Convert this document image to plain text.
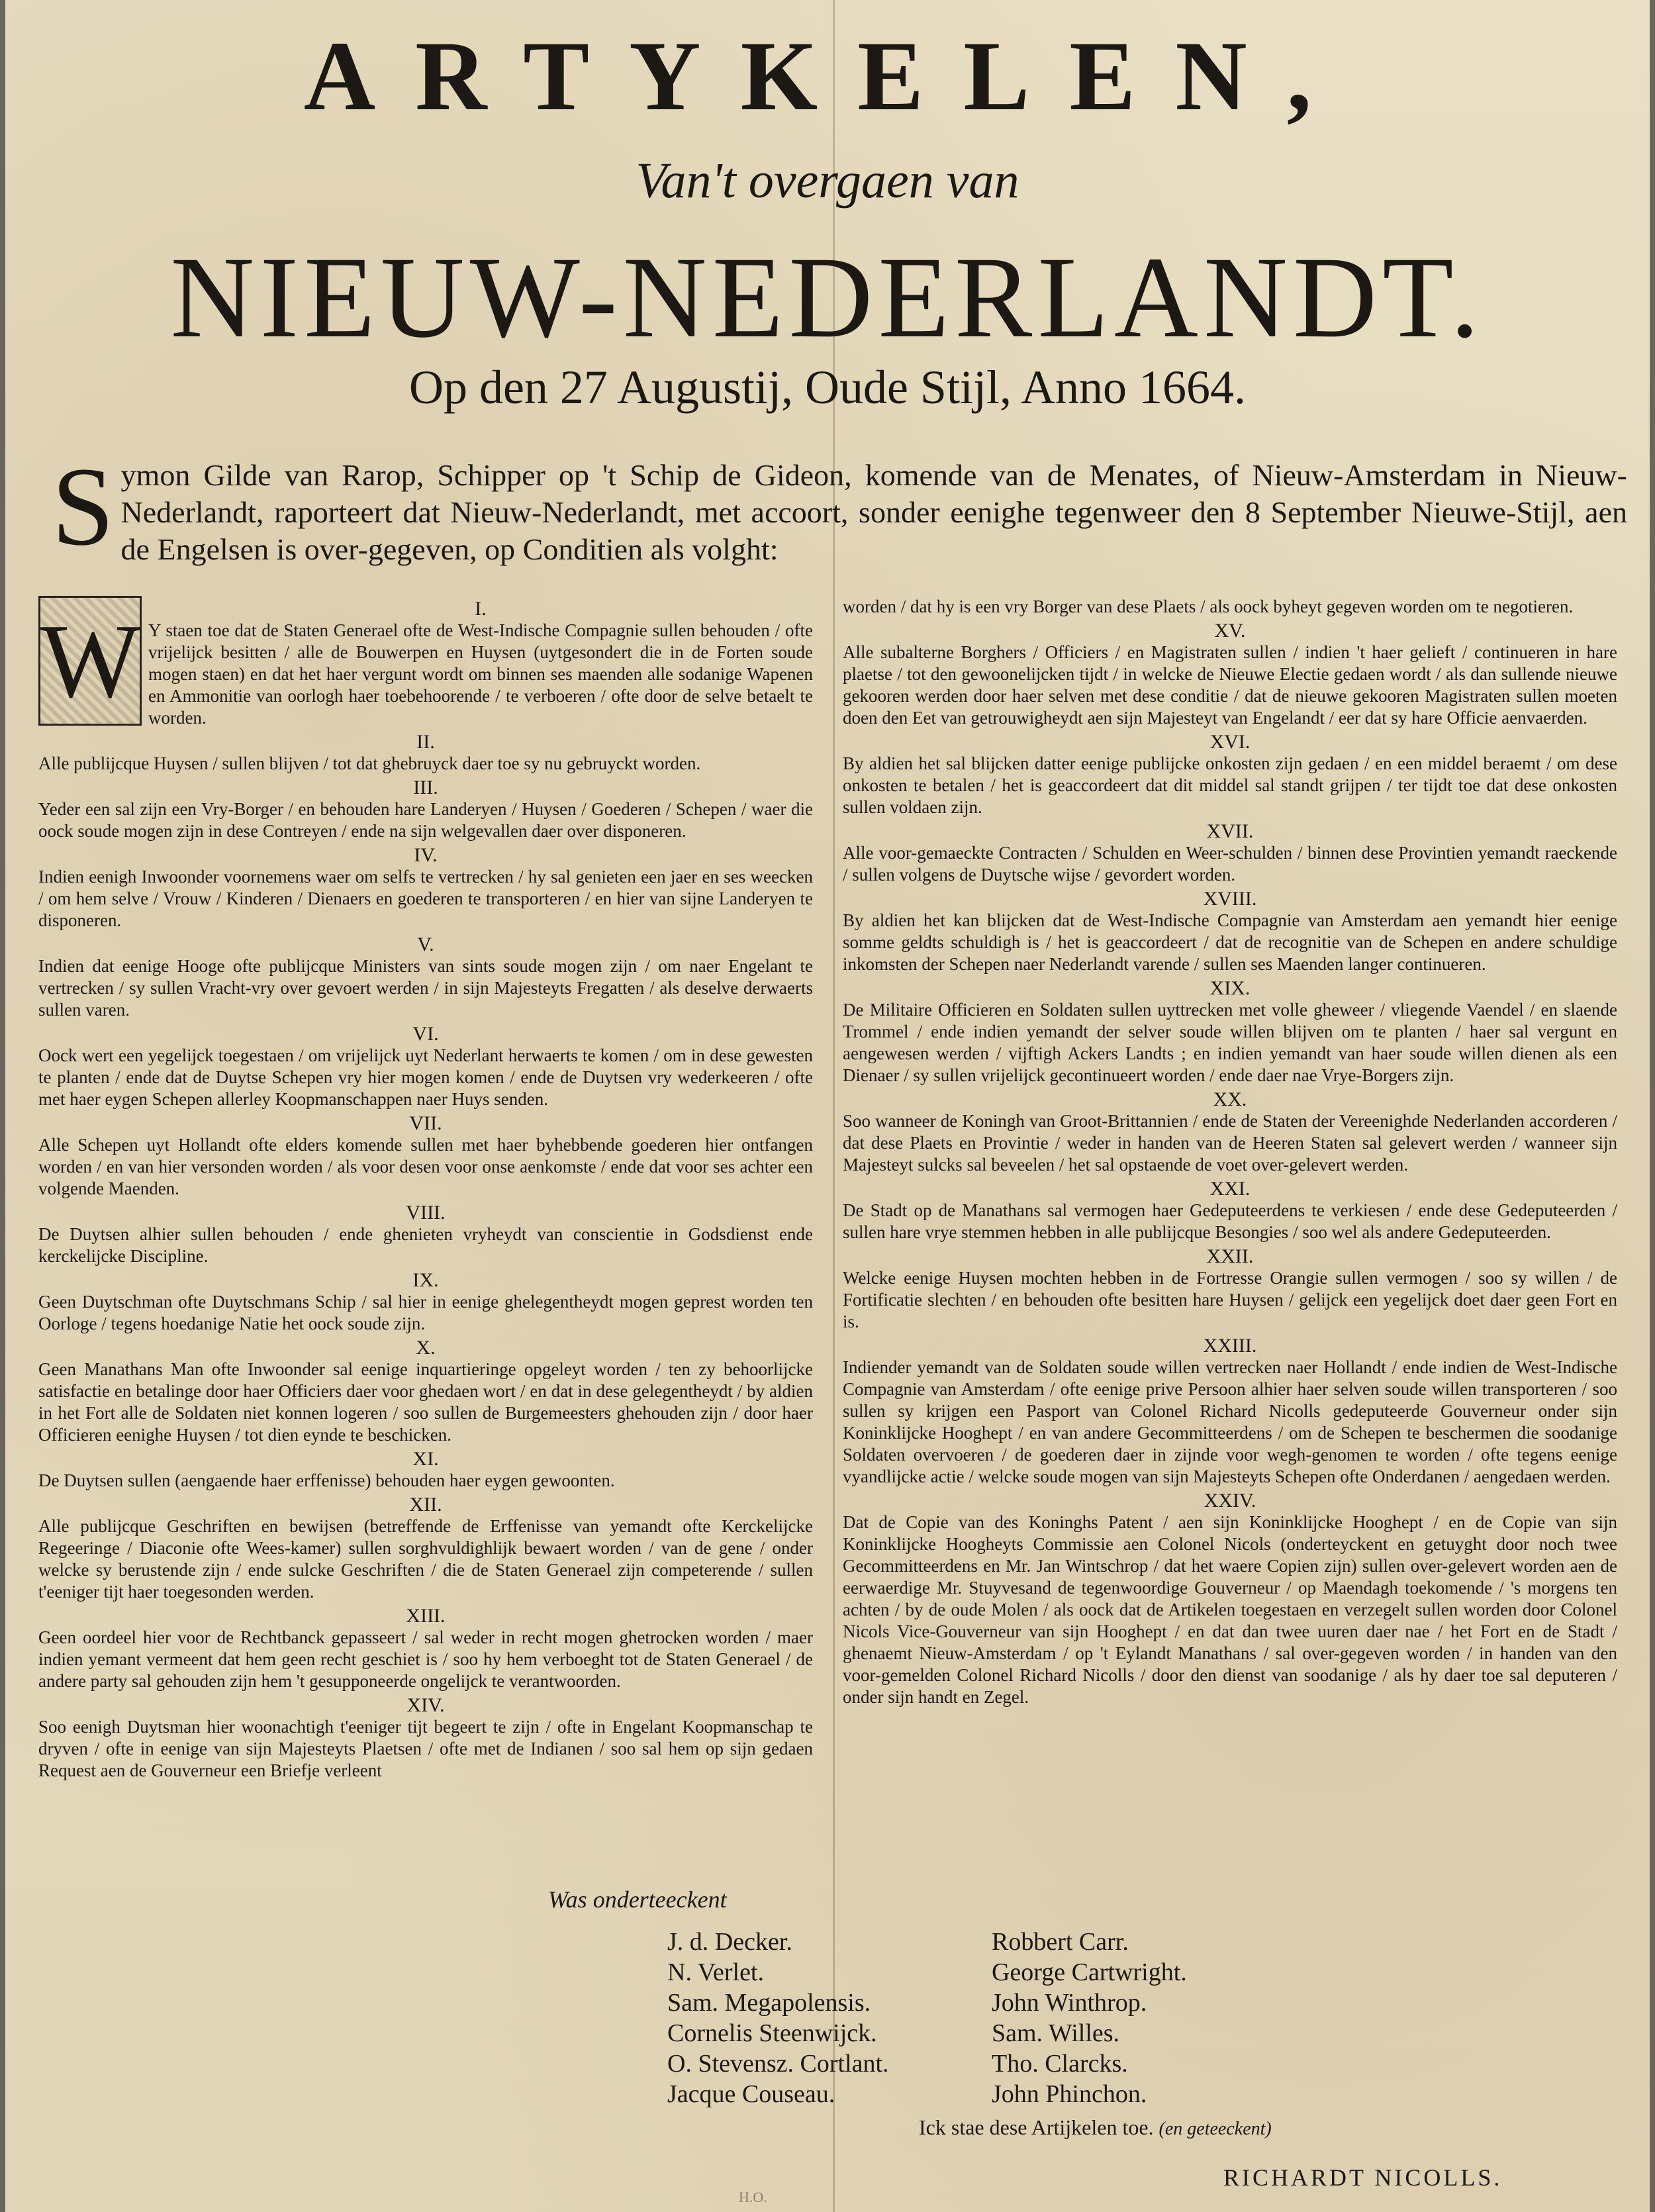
ARTYKELEN,
Van't overgaen van
NIEUW-NEDERLANDT.
Op den 27 Augustij, Oude Stijl, Anno 1664.
Symon Gilde van Rarop, Schipper op 't Schip de Gideon, komende van de Menates, of Nieuw-Amsterdam in Nieuw-Nederlandt, raporteert dat Nieuw-Nederlandt, met accoort, sonder eenighe tegenweer den 8 September Nieuwe-Stijl, aen de Engelsen is over-gegeven, op Conditien als volght:
W	I.

Y staen toe dat de Staten Generael ofte de West-Indische Compagnie sullen behouden / ofte vrijelijck besitten / alle de Bouwerpen en Huysen (uytgesondert die in de Forten soude mogen staen) en dat het haer vergunt wordt om binnen ses maenden alle sodanige Wapenen en Ammonitie van oorlogh haer toebehoorende / te verboeren / ofte door de selve betaelt te worden.

II.

Alle publijcque Huysen / sullen blijven / tot dat ghebruyck daer toe sy nu gebruyckt worden.

III.

Yeder een sal zijn een Vry-Borger / en behouden hare Landeryen / Huysen / Goederen / Schepen / waer die oock soude mogen zijn in dese Contreyen / ende na sijn welgevallen daer over disponeren.

IV.

Indien eenigh Inwoonder voornemens waer om selfs te vertrecken / hy sal genieten een jaer en ses weecken / om hem selve / Vrouw / Kinderen / Dienaers en goederen te transporteren / en hier van sijne Landeryen te disponeren.

V.

Indien dat eenige Hooge ofte publijcque Ministers van sints soude mogen zijn / om naer Engelant te vertrecken / sy sullen Vracht-vry over gevoert werden / in sijn Majesteyts Fregatten / als deselve derwaerts sullen varen.

VI.

Oock wert een yegelijck toegestaen / om vrijelijck uyt Nederlant herwaerts te komen / om in dese gewesten te planten / ende dat de Duytse Schepen vry hier mogen komen / ende de Duytsen vry wederkeeren / ofte met haer eygen Schepen allerley Koopmanschappen naer Huys senden.

VII.

Alle Schepen uyt Hollandt ofte elders komende sullen met haer byhebbende goederen hier ontfangen worden / en van hier versonden worden / als voor desen voor onse aenkomste / ende dat voor ses achter een volgende Maenden.

VIII.

De Duytsen alhier sullen behouden / ende ghenieten vryheydt van conscientie in Godsdienst ende kerckelijcke Discipline.

IX.

Geen Duytschman ofte Duytschmans Schip / sal hier in eenige ghelegentheydt mogen geprest worden ten Oorloge / tegens hoedanige Natie het oock soude zijn.

X.

Geen Manathans Man ofte Inwoonder sal eenige inquartieringe opgeleyt worden / ten zy behoorlijcke satisfactie en betalinge door haer Officiers daer voor ghedaen wort / en dat in dese gelegentheydt / by aldien in het Fort alle de Soldaten niet konnen logeren / soo sullen de Burgemeesters ghehouden zijn / door haer Officieren eenighe Huysen / tot dien eynde te beschicken.

XI.

De Duytsen sullen (aengaende haer erffenisse) behouden haer eygen gewoonten.

XII.

Alle publijcque Geschriften en bewijsen (betreffende de Erffenisse van yemandt ofte Kerckelijcke Regeeringe / Diaconie ofte Wees-kamer) sullen sorghvuldighlijk bewaert worden / van de gene / onder welcke sy berustende zijn / ende sulcke Geschriften / die de Staten Generael zijn competerende / sullen t'eeniger tijt haer toegesonden werden.

XIII.

Geen oordeel hier voor de Rechtbanck gepasseert / sal weder in recht mogen ghetrocken worden / maer indien yemant vermeent dat hem geen recht geschiet is / soo hy hem verboeght tot de Staten Generael / de andere party sal gehouden zijn hem 't gesupponeerde ongelijck te verantwoorden.

XIV.

Soo eenigh Duytsman hier woonachtigh t'eeniger tijt begeert te zijn / ofte in Engelant Koopmanschap te dryven / ofte in eenige van sijn Majesteyts Plaetsen / ofte met de Indianen / soo sal hem op sijn gedaen Request aen de Gouverneur een Briefje verleent

worden / dat hy is een vry Borger van dese Plaets / als oock byheyt gegeven worden om te negotieren.

XV.

Alle subalterne Borghers / Officiers / en Magistraten sullen / indien 't haer gelieft / continueren in hare plaetse / tot den gewoonelijcken tijdt / in welcke de Nieuwe Electie gedaen wordt / als dan sullende nieuwe gekooren werden door haer selven met dese conditie / dat de nieuwe gekooren Magistraten sullen moeten doen den Eet van getrouwigheydt aen sijn Majesteyt van Engelandt / eer dat sy hare Officie aenvaerden.

XVI.

By aldien het sal blijcken datter eenige publijcke onkosten zijn gedaen / en een middel beraemt / om dese onkosten te betalen / het is geaccordeert dat dit middel sal standt grijpen / ter tijdt toe dat dese onkosten sullen voldaen zijn.

XVII.

Alle voor-gemaeckte Contracten / Schulden en Weer-schulden / binnen dese Provintien yemandt raeckende / sullen volgens de Duytsche wijse / gevordert worden.

XVIII.

By aldien het kan blijcken dat de West-Indische Compagnie van Amsterdam aen yemandt hier eenige somme geldts schuldigh is / het is geaccordeert / dat de recognitie van de Schepen en andere schuldige inkomsten der Schepen naer Nederlandt varende / sullen ses Maenden langer continueren.

XIX.

De Militaire Officieren en Soldaten sullen uyttrecken met volle gheweer / vliegende Vaendel / en slaende Trommel / ende indien yemandt der selver soude willen blijven om te planten / haer sal vergunt en aengewesen werden / vijftigh Ackers Landts ; en indien yemandt van haer soude willen dienen als een Dienaer / sy sullen vrijelijck gecontinueert worden / ende daer nae Vrye-Borgers zijn.

XX.

Soo wanneer de Koningh van Groot-Brittannien / ende de Staten der Vereenighde Nederlanden accorderen / dat dese Plaets en Provintie / weder in handen van de Heeren Staten sal gelevert werden / wanneer sijn Majesteyt sulcks sal beveelen / het sal opstaende de voet over-gelevert werden.

XXI.

De Stadt op de Manathans sal vermogen haer Gedeputeerdens te verkiesen / ende dese Gedeputeerden / sullen hare vrye stemmen hebben in alle publijcque Besongies / soo wel als andere Gedeputeerden.

XXII.

Welcke eenige Huysen mochten hebben in de Fortresse Orangie sullen vermogen / soo sy willen / de Fortificatie slechten / en behouden ofte besitten hare Huysen / gelijck een yegelijck doet daer geen Fort en is.

XXIII.

Indiender yemandt van de Soldaten soude willen vertrecken naer Hollandt / ende indien de West-Indische Compagnie van Amsterdam / ofte eenige prive Persoon alhier haer selven soude willen transporteren / soo sullen sy krijgen een Pasport van Colonel Richard Nicolls gedeputeerde Gouverneur onder sijn Koninklijcke Hooghept / en van andere Gecommitteerdens / om de Schepen te beschermen die soodanige Soldaten overvoeren / de goederen daer in zijnde voor wegh-genomen te worden / ofte tegens eenige vyandlijcke actie / welcke soude mogen van sijn Majesteyts Schepen ofte Onderdanen / aengedaen werden.

XXIV.

Dat de Copie van des Koninghs Patent / aen sijn Koninklijcke Hooghept / en de Copie van sijn Koninklijcke Hoogheyts Commissie aen Colonel Nicols (onderteyckent en getuyght door noch twee Gecommitteerdens en Mr. Jan Wintschrop / dat het waere Copien zijn) sullen over-gelevert worden aen de eerwaerdige Mr. Stuyvesand de tegenwoordige Gouverneur / op Maendagh toekomende / 's morgens ten achten / by de oude Molen / als oock dat de Artikelen toegestaen en verzegelt sullen worden door Colonel Nicols Vice-Gouverneur van sijn Hooghept / en dat dan twee uuren daer nae / het Fort en de Stadt / ghenaemt Nieuw-Amsterdam / op 't Eylandt Manathans / sal over-gegeven worden / in handen van den voor-gemelden Colonel Richard Nicolls / door den dienst van soodanige / als hy daer toe sal deputeren / onder sijn handt en Zegel.

Was onderteeckent
J. d. Decker.
N. Verlet.
Sam. Megapolensis.
Cornelis Steenwijck.
O. Stevensz. Cortlant.
Jacque Couseau.
Robbert Carr.
George Cartwright.
John Winthrop.
Sam. Willes.
Tho. Clarcks.
John Phinchon.
Ick stae dese Artijkelen toe. (en geteeckent)
RICHARDT NICOLLS.
H.O.
